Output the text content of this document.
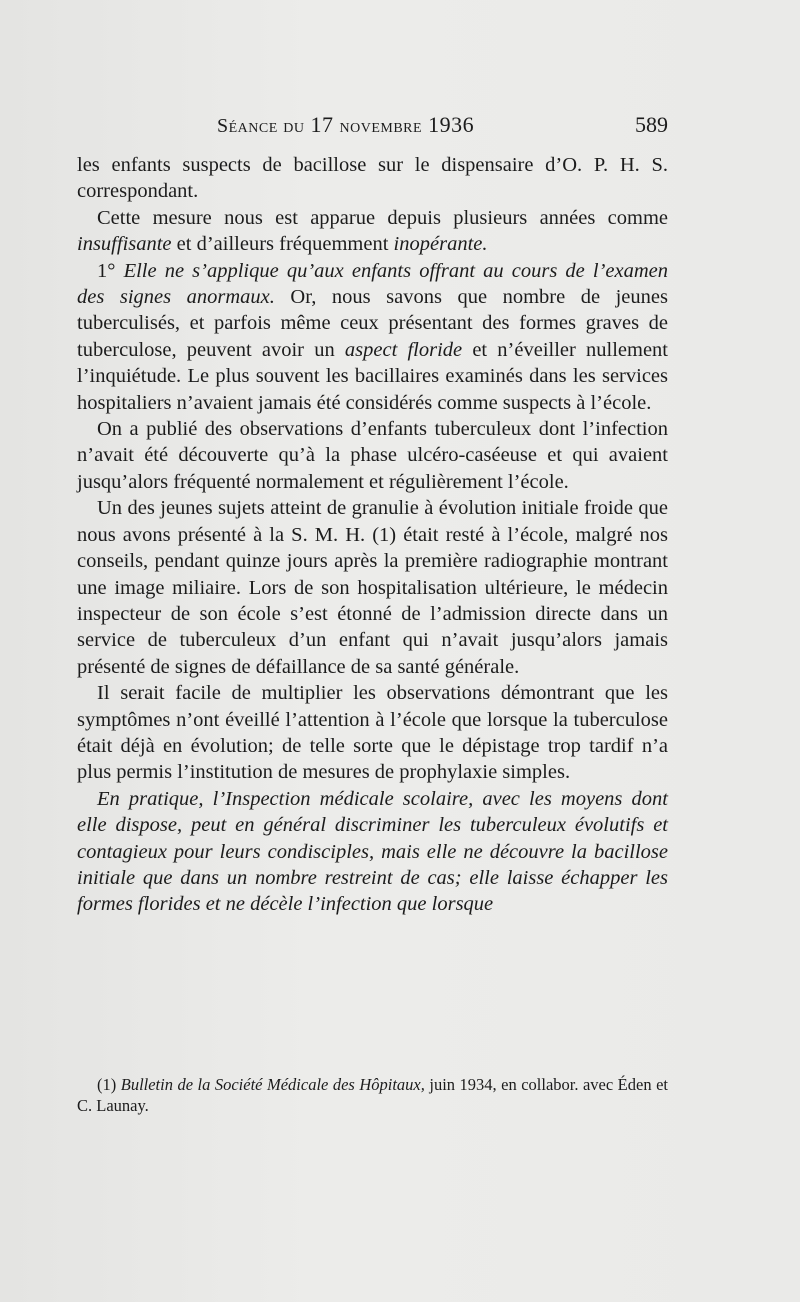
Séance du 17 novembre 1936	589

les enfants suspects de bacillose sur le dispensaire d’O. P. H. S. correspondant.

Cette mesure nous est apparue depuis plusieurs années comme insuffisante et d’ailleurs fréquemment inopérante.

1° Elle ne s’applique qu’aux enfants offrant au cours de l’examen des signes anormaux. Or, nous savons que nombre de jeunes tuberculisés, et parfois même ceux présentant des formes graves de tuberculose, peuvent avoir un aspect floride et n’éveiller nullement l’inquiétude. Le plus souvent les bacillaires examinés dans les services hospitaliers n’avaient jamais été considérés comme suspects à l’école.

On a publié des observations d’enfants tuberculeux dont l’infection n’avait été découverte qu’à la phase ulcéro-caséeuse et qui avaient jusqu’alors fréquenté normalement et régulièrement l’école.

Un des jeunes sujets atteint de granulie à évolution initiale froide que nous avons présenté à la S. M. H. (1) était resté à l’école, malgré nos conseils, pendant quinze jours après la première radiographie montrant une image miliaire. Lors de son hospitalisation ultérieure, le médecin inspecteur de son école s’est étonné de l’admission directe dans un service de tuberculeux d’un enfant qui n’avait jusqu’alors jamais présenté de signes de défaillance de sa santé générale.

Il serait facile de multiplier les observations démontrant que les symptômes n’ont éveillé l’attention à l’école que lorsque la tuberculose était déjà en évolution; de telle sorte que le dépistage trop tardif n’a plus permis l’institution de mesures de prophylaxie simples.

En pratique, l’Inspection médicale scolaire, avec les moyens dont elle dispose, peut en général discriminer les tuberculeux évolutifs et contagieux pour leurs condisciples, mais elle ne découvre la bacillose initiale que dans un nombre restreint de cas; elle laisse échapper les formes florides et ne décèle l’infection que lorsque

(1) Bulletin de la Société Médicale des Hôpitaux, juin 1934, en collabor. avec Éden et C. Launay.
